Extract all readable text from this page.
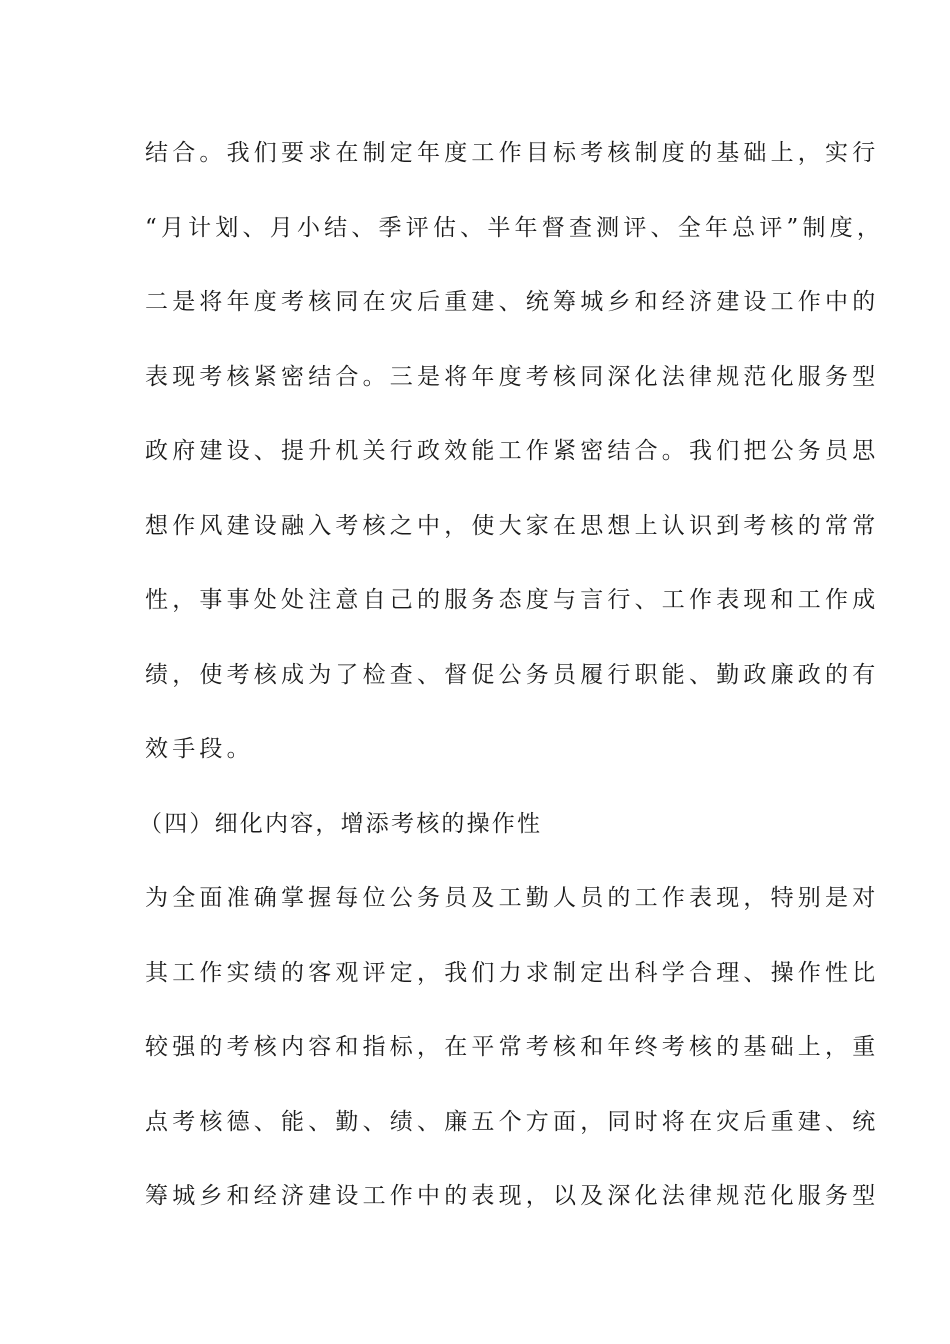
结合。我们要求在制定年度工作目标考核制度的基础上，实行
“月计划、月小结、季评估、半年督查测评、全年总评”制度，
二是将年度考核同在灾后重建、统筹城乡和经济建设工作中的
表现考核紧密结合。三是将年度考核同深化法律规范化服务型
政府建设、提升机关行政效能工作紧密结合。我们把公务员思
想作风建设融入考核之中，使大家在思想上认识到考核的常常
性，事事处处注意自己的服务态度与言行、工作表现和工作成
绩，使考核成为了检查、督促公务员履行职能、勤政廉政的有
效手段。
（四）细化内容，增添考核的操作性
为全面准确掌握每位公务员及工勤人员的工作表现，特别是对
其工作实绩的客观评定，我们力求制定出科学合理、操作性比
较强的考核内容和指标，在平常考核和年终考核的基础上，重
点考核德、能、勤、绩、廉五个方面，同时将在灾后重建、统
筹城乡和经济建设工作中的表现，以及深化法律规范化服务型
